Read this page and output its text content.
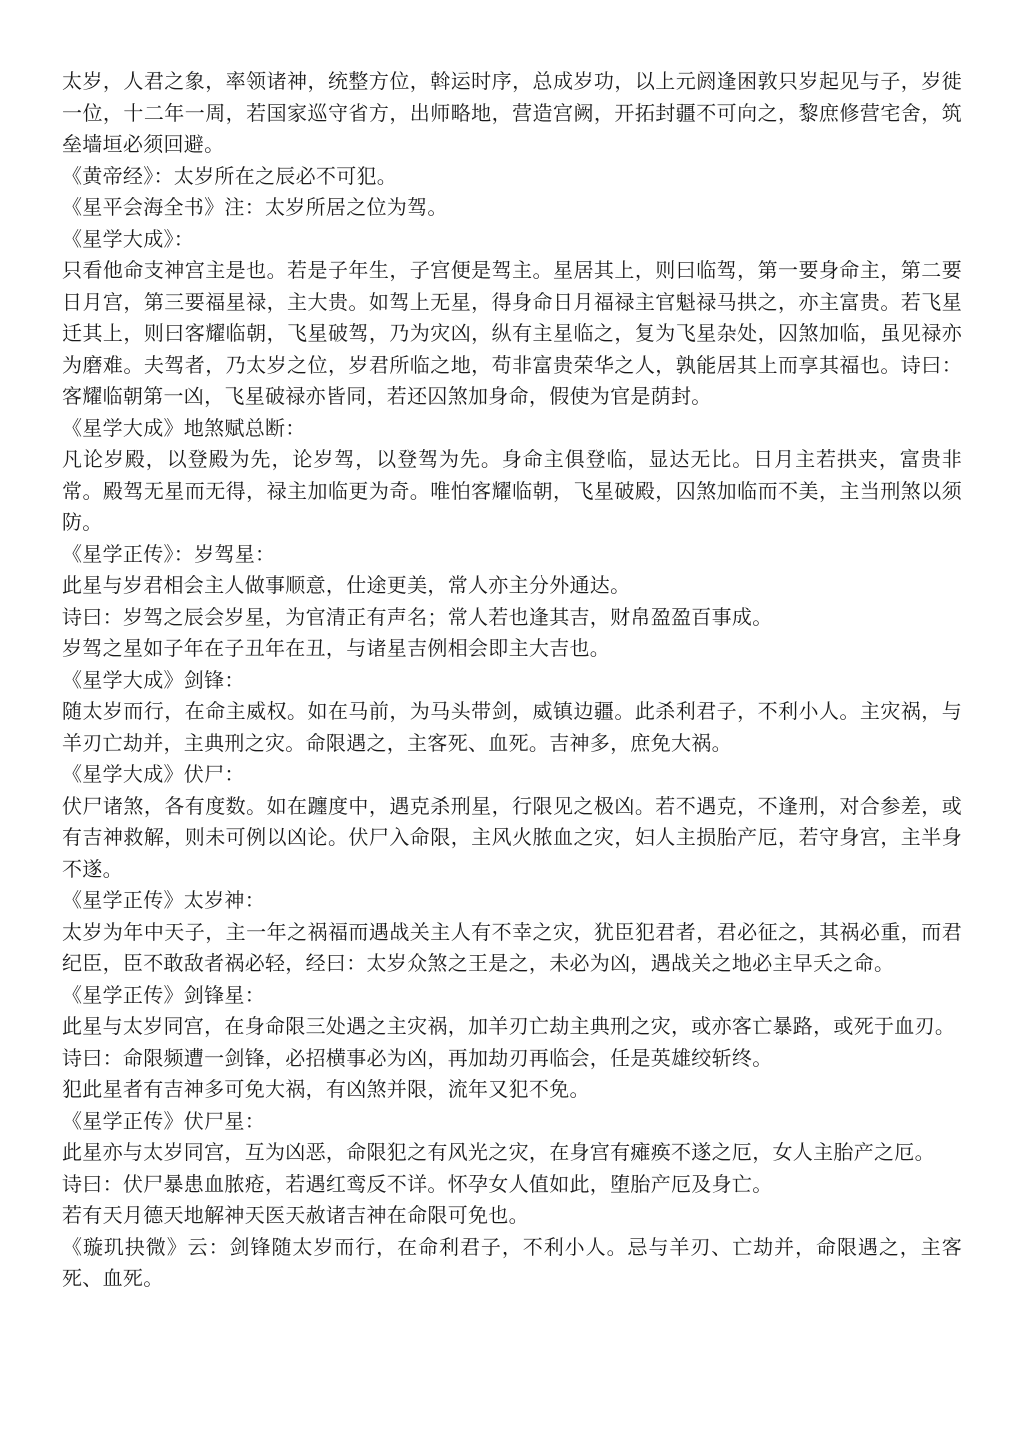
太岁，人君之象，率领诸神，统整方位，斡运时序，总成岁功，以上元阏逢困敦只岁起见与子，岁徙一位，十二年一周，若国家巡守省方，出师略地，营造宫阙，开拓封疆不可向之，黎庶修营宅舍，筑垒墙垣必须回避。

《黄帝经》：太岁所在之辰必不可犯。

《星平会海全书》注：太岁所居之位为驾。

《星学大成》：

只看他命支神宫主是也。若是子年生，子宫便是驾主。星居其上，则曰临驾，第一要身命主，第二要日月宫，第三要福星禄，主大贵。如驾上无星，得身命日月福禄主官魁禄马拱之，亦主富贵。若飞星迁其上，则曰客耀临朝，飞星破驾，乃为灾凶，纵有主星临之，复为飞星杂处，囚煞加临，虽见禄亦为磨难。夫驾者，乃太岁之位，岁君所临之地，苟非富贵荣华之人，孰能居其上而享其福也。诗曰：客耀临朝第一凶，飞星破禄亦皆同，若还囚煞加身命，假使为官是荫封。

《星学大成》地煞赋总断：

凡论岁殿，以登殿为先，论岁驾，以登驾为先。身命主俱登临，显达无比。日月主若拱夹，富贵非常。殿驾无星而无得，禄主加临更为奇。唯怕客耀临朝，飞星破殿，囚煞加临而不美，主当刑煞以须防。

《星学正传》：岁驾星：

此星与岁君相会主人做事顺意，仕途更美，常人亦主分外通达。

诗曰：岁驾之辰会岁星，为官清正有声名；常人若也逢其吉，财帛盈盈百事成。

岁驾之星如子年在子丑年在丑，与诸星吉例相会即主大吉也。

《星学大成》剑锋：

随太岁而行，在命主威权。如在马前，为马头带剑，威镇边疆。此杀利君子，不利小人。主灾祸，与羊刃亡劫并，主典刑之灾。命限遇之，主客死、血死。吉神多，庶免大祸。

《星学大成》伏尸：

伏尸诸煞，各有度数。如在躔度中，遇克杀刑星，行限见之极凶。若不遇克，不逢刑，对合参差，或有吉神救解，则未可例以凶论。伏尸入命限，主风火脓血之灾，妇人主损胎产厄，若守身宫，主半身不遂。

《星学正传》太岁神：

太岁为年中天子，主一年之祸福而遇战关主人有不幸之灾，犹臣犯君者，君必征之，其祸必重，而君纪臣，臣不敢敌者祸必轻，经曰：太岁众煞之王是之，未必为凶，遇战关之地必主早夭之命。

《星学正传》剑锋星：

此星与太岁同宫，在身命限三处遇之主灾祸，加羊刃亡劫主典刑之灾，或亦客亡暴路，或死于血刃。

诗曰：命限频遭一剑锋，必招横事必为凶，再加劫刃再临会，任是英雄绞斩终。

犯此星者有吉神多可免大祸，有凶煞并限，流年又犯不免。

《星学正传》伏尸星：

此星亦与太岁同宫，互为凶恶，命限犯之有风光之灾，在身宫有瘫痪不遂之厄，女人主胎产之厄。

诗曰：伏尸暴患血脓疮，若遇红鸾反不详。怀孕女人值如此，堕胎产厄及身亡。

若有天月德天地解神天医天赦诸吉神在命限可免也。

《璇玑抉微》云：剑锋随太岁而行，在命利君子，不利小人。忌与羊刃、亡劫并，命限遇之，主客死、血死。
